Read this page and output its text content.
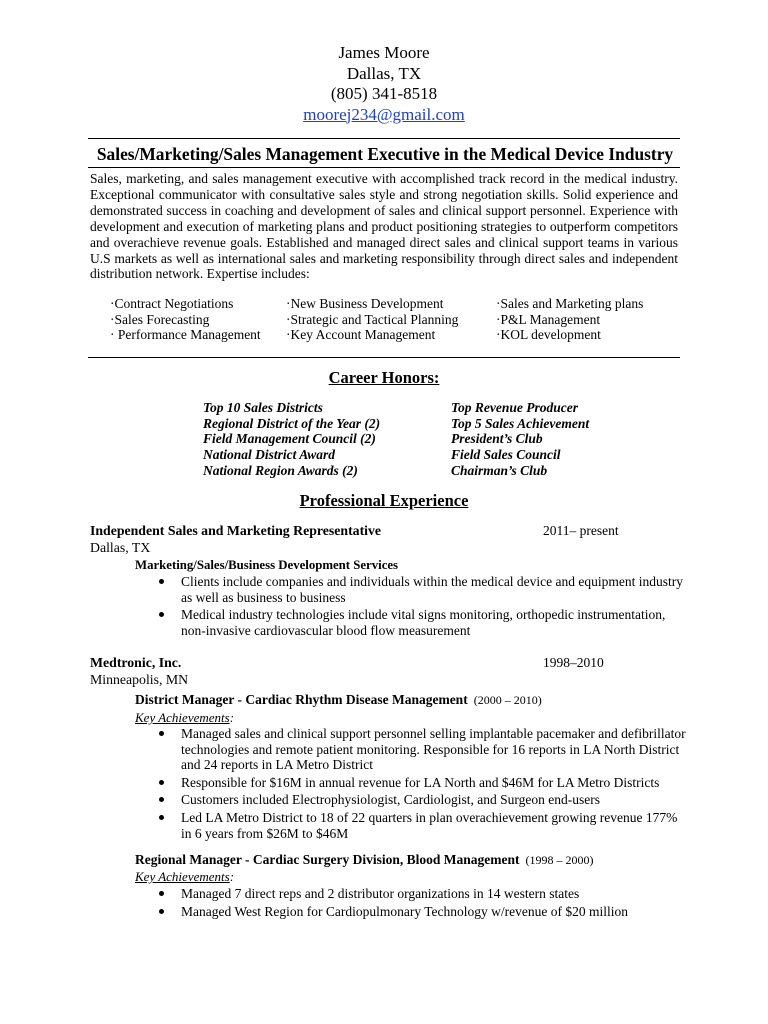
James Moore
Dallas, TX
(805) 341-8518
moorej234@gmail.com
Sales/Marketing/Sales Management Executive in the Medical Device Industry

Sales, marketing, and sales management executive with accomplished track record in the medical industry. Exceptional communicator with consultative sales style and strong negotiation skills. Solid experience and demonstrated success in coaching and development of sales and clinical support personnel. Experience with development and execution of marketing plans and product positioning strategies to outperform competitors and overachieve revenue goals. Established and managed direct sales and clinical support teams in various U.S markets as well as international sales and marketing responsibility through direct sales and independent distribution network. Expertise includes:

·Contract Negotiations
·Sales Forecasting
· Performance Management
·New Business Development
·Strategic and Tactical Planning
·Key Account Management
·Sales and Marketing plans
·P&L Management
·KOL development
Career Honors:
Top 10 Sales Districts
Regional District of the Year (2)
Field Management Council (2)
National District Award
National Region Awards (2)
Top Revenue Producer
Top 5 Sales Achievement
President’s Club
Field Sales Council
Chairman’s Club
Professional Experience
Independent Sales and Marketing Representative	2011– present
Dallas, TX
Marketing/Sales/Business Development Services
Clients include companies and individuals within the medical device and equipment industry as well as business to business
Medical industry technologies include vital signs monitoring, orthopedic instrumentation, non-invasive cardiovascular blood flow measurement
Medtronic, Inc.	1998–2010
Minneapolis, MN
District Manager - Cardiac Rhythm Disease Management (2000 – 2010)
Key Achievements:
Managed sales and clinical support personnel selling implantable pacemaker and defibrillator technologies and remote patient monitoring. Responsible for 16 reports in LA North District and 24 reports in LA Metro District
Responsible for $16M in annual revenue for LA North and $46M for LA Metro Districts
Customers included Electrophysiologist, Cardiologist, and Surgeon end-users
Led LA Metro District to 18 of 22 quarters in plan overachievement growing revenue 177% in 6 years from $26M to $46M
Regional Manager - Cardiac Surgery Division, Blood Management (1998 – 2000)
Key Achievements:
Managed 7 direct reps and 2 distributor organizations in 14 western states
Managed West Region for Cardiopulmonary Technology w/revenue of $20 million
